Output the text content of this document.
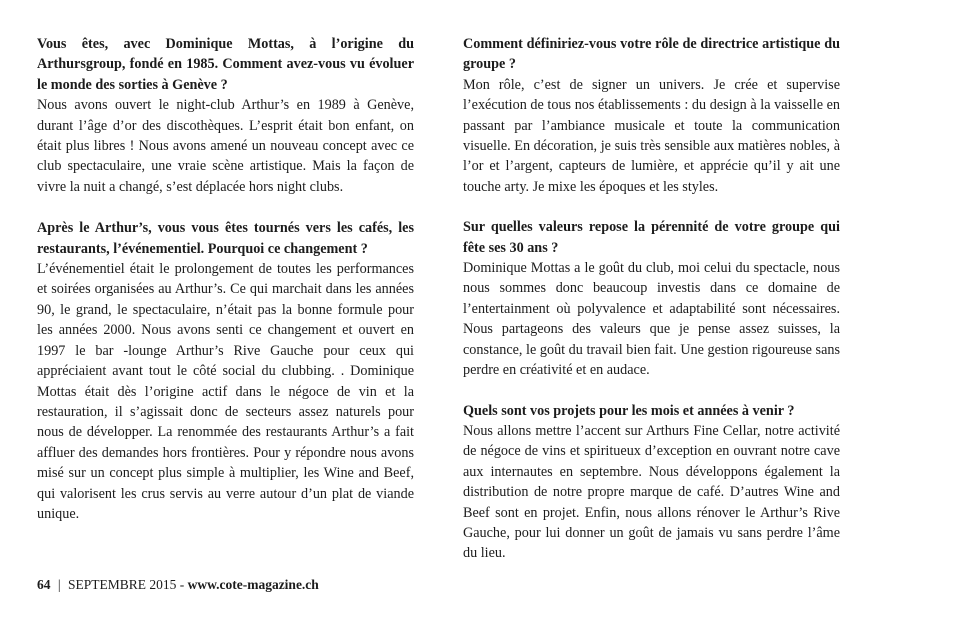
Vous êtes, avec Dominique Mottas, à l’origine du Arthursgroup, fondé en 1985. Comment avez-vous vu évoluer le monde des sorties à Genève ?

Nous avons ouvert le night-club Arthur’s en 1989 à Genève, durant l’âge d’or des discothèques. L’esprit était bon enfant, on était plus libres ! Nous avons amené un nouveau concept avec ce club spectaculaire, une vraie scène artistique. Mais la façon de vivre la nuit a changé, s’est déplacée hors night clubs.

Après le Arthur’s, vous vous êtes tournés vers les cafés, les restaurants, l’événementiel. Pourquoi ce changement ?

L’événementiel était le prolongement de toutes les performances et soirées organisées au Arthur’s. Ce qui marchait dans les années 90, le grand, le spectaculaire, n’était pas la bonne formule pour les années 2000. Nous avons senti ce changement et ouvert en 1997 le bar -lounge Arthur’s Rive Gauche pour ceux qui appréciaient avant tout le côté social du clubbing. . Dominique Mottas était dès l’origine actif dans le négoce de vin et la restauration, il s’agissait donc de secteurs assez naturels pour nous de développer. La renommée des restaurants Arthur’s a fait affluer des demandes hors frontières. Pour y répondre nous avons misé sur un concept plus simple à multiplier, les Wine and Beef, qui valorisent les crus servis au verre autour d’un plat de viande unique.

Comment définiriez-vous votre rôle de directrice artistique du groupe ?

Mon rôle, c’est de signer un univers. Je crée et supervise l’exécution de tous nos établissements : du design à la vaisselle en passant par l’ambiance musicale et toute la communication visuelle. En décoration, je suis très sensible aux matières nobles, à l’or et l’argent, capteurs de lumière, et apprécie qu’il y ait une touche arty. Je mixe les époques et les styles.

Sur quelles valeurs repose la pérennité de votre groupe qui fête ses 30 ans ?

Dominique Mottas a le goût du club, moi celui du spectacle, nous nous sommes donc beaucoup investis dans ce domaine de l’entertainment où polyvalence et adaptabilité sont nécessaires. Nous partageons des valeurs que je pense assez suisses, la constance, le goût du travail bien fait. Une gestion rigoureuse sans perdre en créativité et en audace.

Quels sont vos projets pour les mois et années à venir ?

Nous allons mettre l’accent sur Arthurs Fine Cellar, notre activité de négoce de vins et spiritueux d’exception en ouvrant notre cave aux internautes en septembre. Nous développons également la distribution de notre propre marque de café. D’autres Wine and Beef sont en projet. Enfin, nous allons rénover le Arthur’s Rive Gauche, pour lui donner un goût de jamais vu sans perdre l’âme du lieu.

64 | SEPTEMBRE 2015 - www.cote-magazine.ch
